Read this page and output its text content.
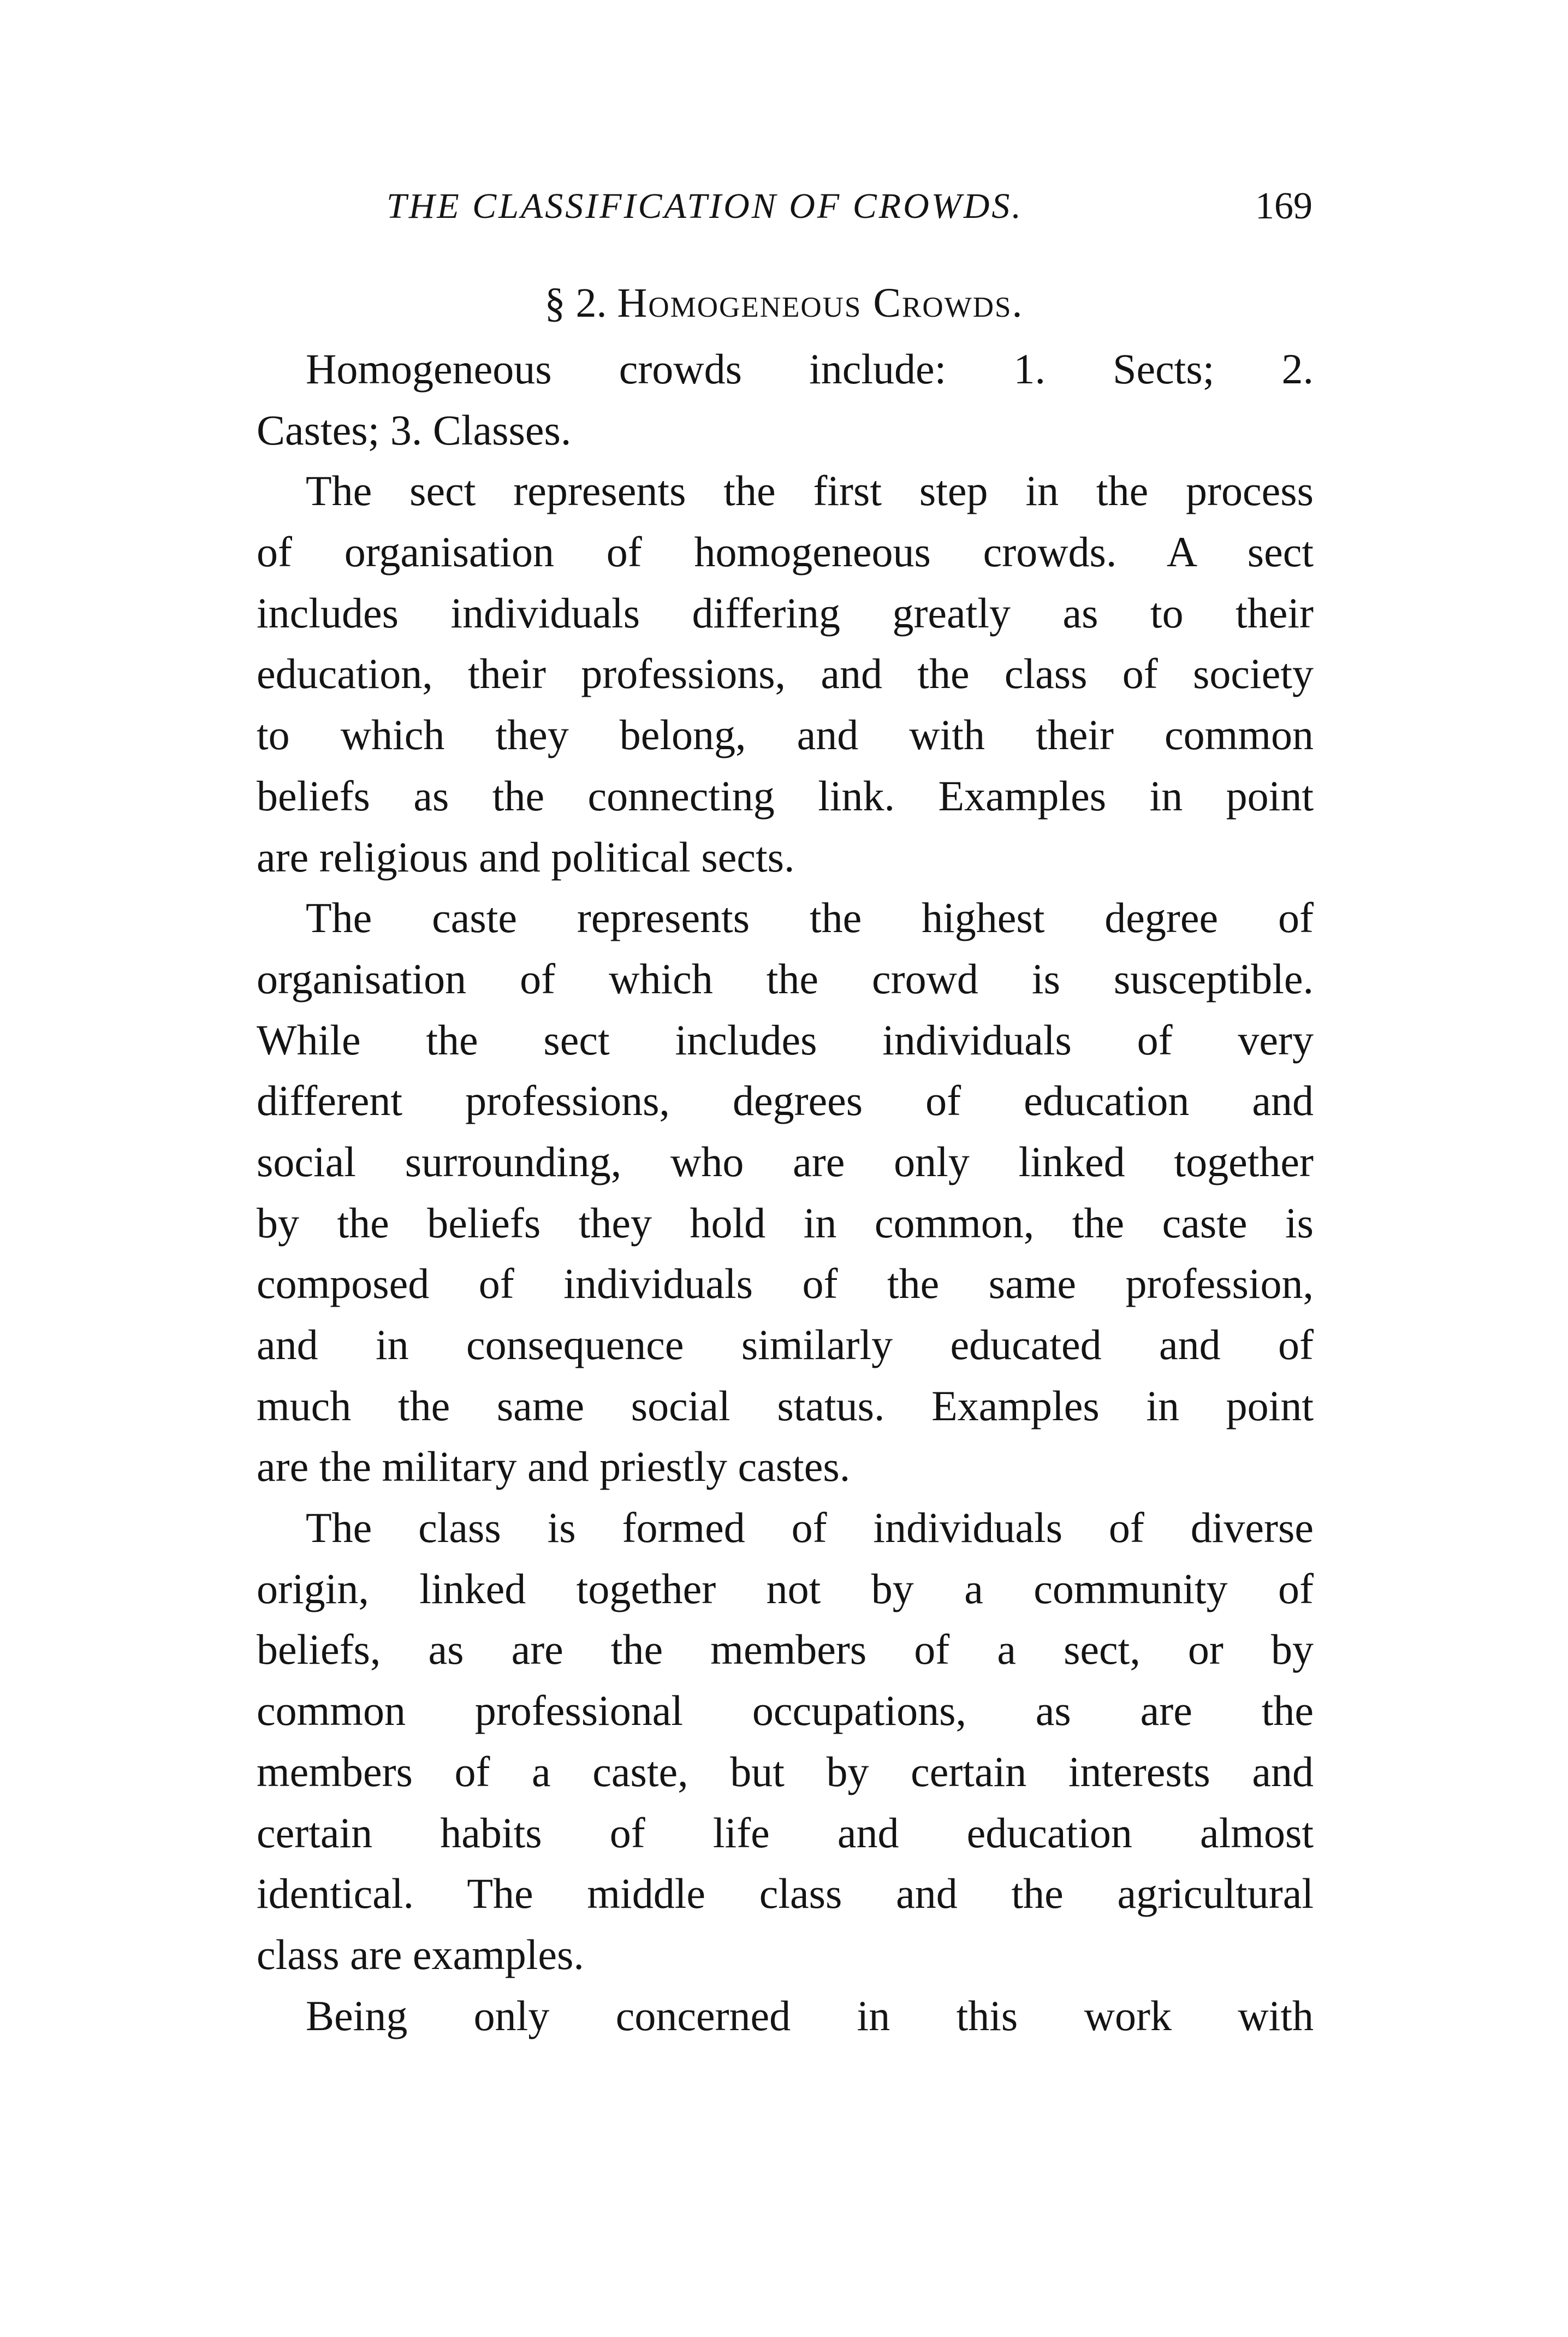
THE CLASSIFICATION OF CROWDS.	169
§ 2. Homogeneous Crowds.
Homogeneous crowds include: 1. Sects; 2.
Castes; 3. Classes.
The sect represents the first step in the process
of organisation of homogeneous crowds. A sect
includes individuals differing greatly as to their
education, their professions, and the class of society
to which they belong, and with their common
beliefs as the connecting link. Examples in point
are religious and political sects.
The caste represents the highest degree of
organisation of which the crowd is susceptible.
While the sect includes individuals of very
different professions, degrees of education and
social surrounding, who are only linked together
by the beliefs they hold in common, the caste is
composed of individuals of the same profession,
and in consequence similarly educated and of
much the same social status. Examples in point
are the military and priestly castes.
The class is formed of individuals of diverse
origin, linked together not by a community of
beliefs, as are the members of a sect, or by
common professional occupations, as are the
members of a caste, but by certain interests and
certain habits of life and education almost
identical. The middle class and the agricultural
class are examples.
Being only concerned in this work with
